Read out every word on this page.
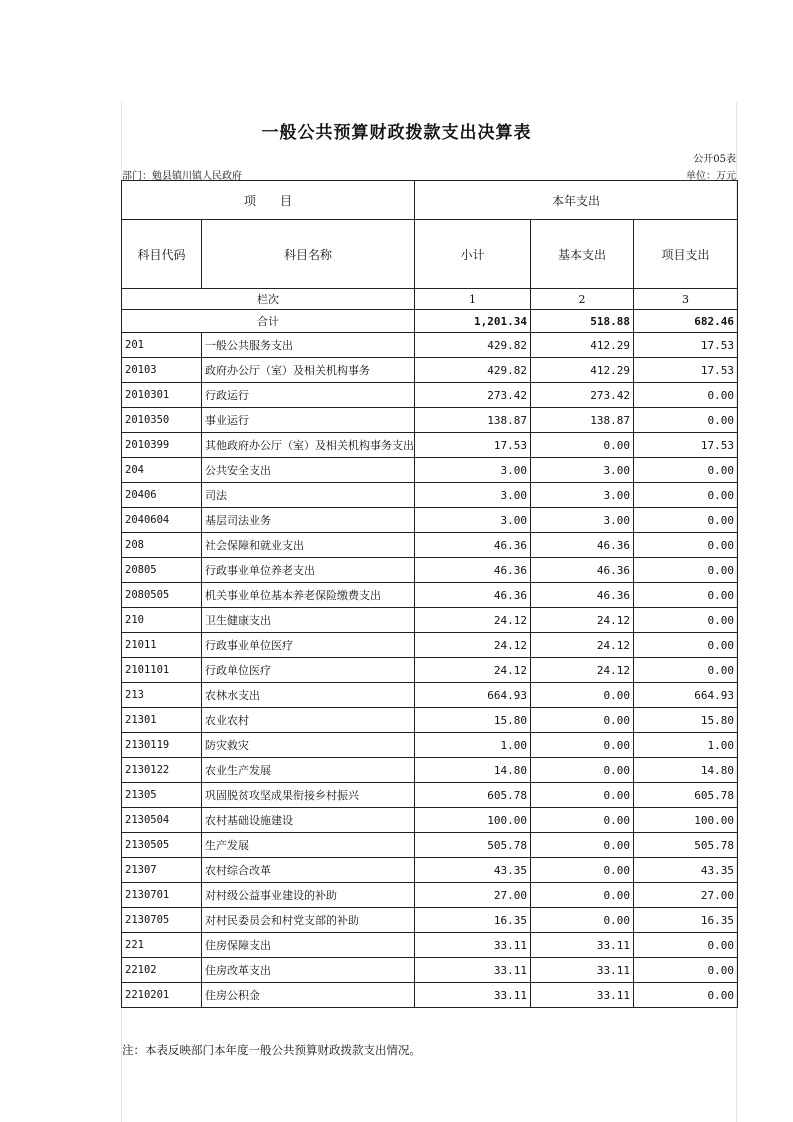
一般公共预算财政拨款支出决算表
公开05表
部门：勉县镇川镇人民政府	单位：万元
项　　目		本年支出		
科目代码	科目名称	小计	基本支出	项目支出
栏次		1	2	3
合计		1,201.34	518.88	682.46
201	一般公共服务支出	429.82	412.29	17.53
20103	政府办公厅（室）及相关机构事务	429.82	412.29	17.53
2010301	行政运行	273.42	273.42	0.00
2010350	事业运行	138.87	138.87	0.00
2010399	其他政府办公厅（室）及相关机构事务支出	17.53	0.00	17.53
204	公共安全支出	3.00	3.00	0.00
20406	司法	3.00	3.00	0.00
2040604	基层司法业务	3.00	3.00	0.00
208	社会保障和就业支出	46.36	46.36	0.00
20805	行政事业单位养老支出	46.36	46.36	0.00
2080505	机关事业单位基本养老保险缴费支出	46.36	46.36	0.00
210	卫生健康支出	24.12	24.12	0.00
21011	行政事业单位医疗	24.12	24.12	0.00
2101101	行政单位医疗	24.12	24.12	0.00
213	农林水支出	664.93	0.00	664.93
21301	农业农村	15.80	0.00	15.80
2130119	防灾救灾	1.00	0.00	1.00
2130122	农业生产发展	14.80	0.00	14.80
21305	巩固脱贫攻坚成果衔接乡村振兴	605.78	0.00	605.78
2130504	农村基础设施建设	100.00	0.00	100.00
2130505	生产发展	505.78	0.00	505.78
21307	农村综合改革	43.35	0.00	43.35
2130701	对村级公益事业建设的补助	27.00	0.00	27.00
2130705	对村民委员会和村党支部的补助	16.35	0.00	16.35
221	住房保障支出	33.11	33.11	0.00
22102	住房改革支出	33.11	33.11	0.00
2210201	住房公积金	33.11	33.11	0.00
注：本表反映部门本年度一般公共预算财政拨款支出情况。
